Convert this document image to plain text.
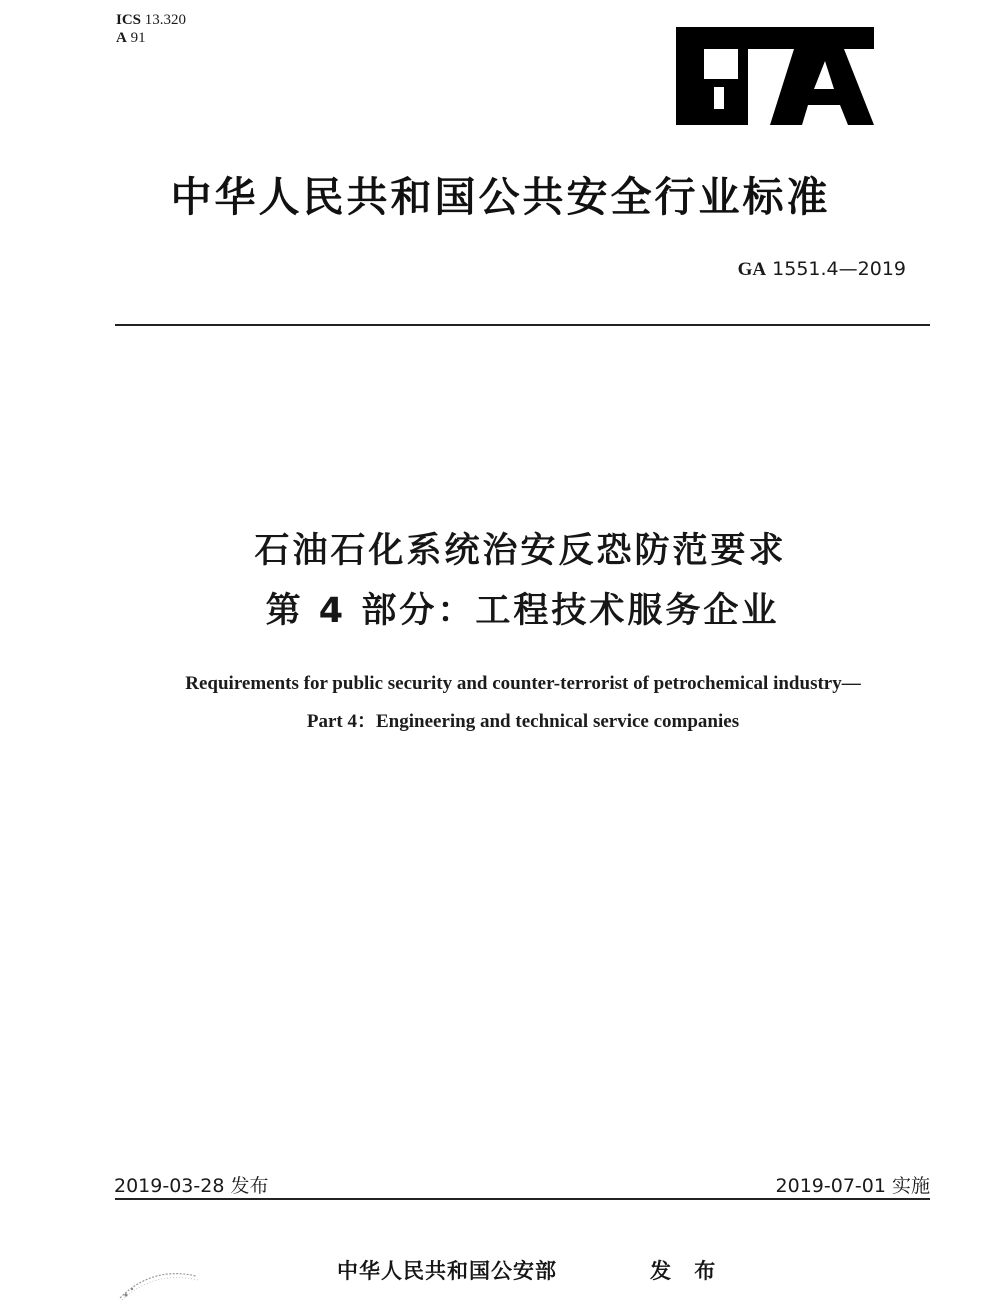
ICS 13.320
A 91
中华人民共和国公共安全行业标准
GA 1551.4—2019
石油石化系统治安反恐防范要求
第 4 部分：工程技术服务企业
Requirements for public security and counter-terrorist of petrochemical industry—
Part 4：Engineering and technical service companies
2019-03-28 发布	2019-07-01 实施
中华人民共和国公安部	发 布
